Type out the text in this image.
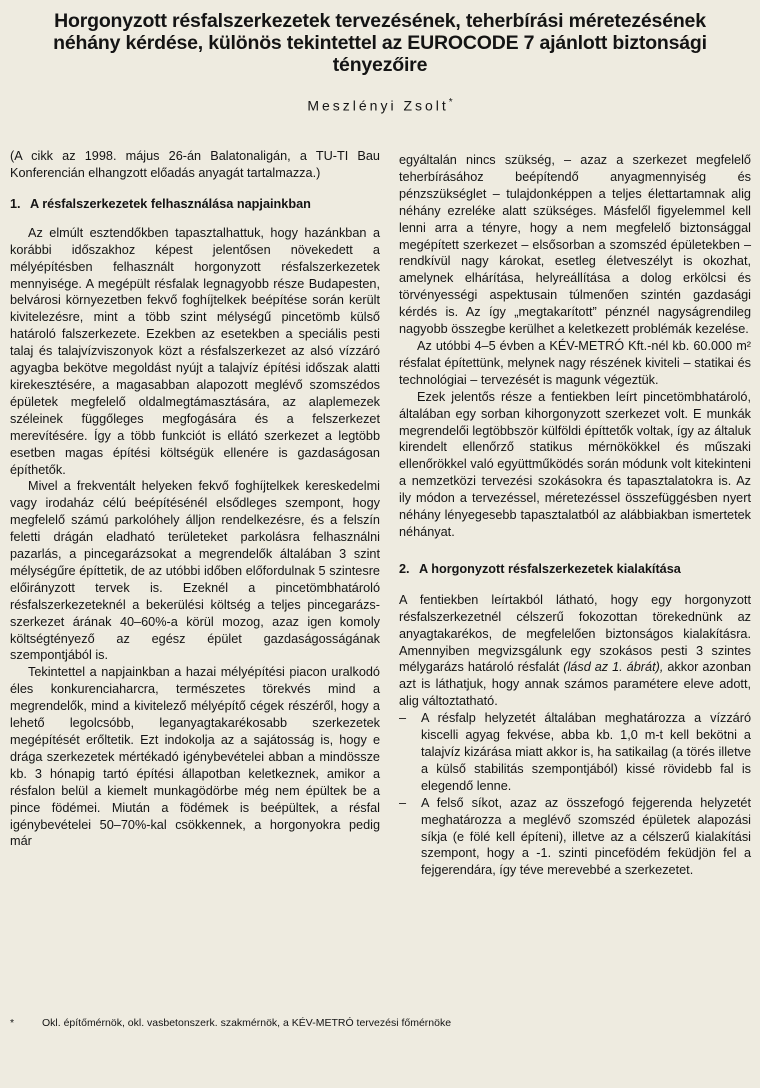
Horgonyzott résfalszerkezetek tervezésének, teherbírási méretezésének
néhány kérdése, különös tekintettel az EUROCODE 7 ajánlott biztonsági
tényezőire
Meszlényi Zsolt*

(A cikk az 1998. május 26-án Balatonaligán, a TU-TI Bau Konferencián elhangzott előadás anyagát tartalmazza.)

1. A résfalszerkezetek felhasználása napjainkban

Az elmúlt esztendőkben tapasztalhattuk, hogy hazánkban a korábbi időszakhoz képest jelentősen növekedett a mélyépítésben felhasznált horgonyzott résfalszerkezetek mennyisége. A megépült résfalak legnagyobb része Budapesten, belvárosi környezetben fekvő foghíjtelkek beépítése során került kivitelezésre, mint a több szint mélységű pincetömb külső határoló falszerkezete. Ezekben az esetekben a speciális pesti talaj és talajvízviszonyok közt a résfalszerkezet az alsó vízzáró agyagba bekötve megoldást nyújt a talajvíz építési időszak alatti kirekesztésére, a magasabban alapozott meglévő szomszédos épületek megfelelő oldalmegtámasztására, az alaplemezek széleinek függőleges megfogására és a felszerkezet merevítésére. Így a több funkciót is ellátó szerkezet a legtöbb esetben magas építési költségük ellenére is gazdaságosan építhetők.

Mivel a frekventált helyeken fekvő foghíjtelkek kereskedelmi vagy irodaház célú beépítésénél elsődleges szempont, hogy megfelelő számú parkolóhely álljon rendelkezésre, és a felszín feletti drágán eladható területeket parkolásra felhasználni pazarlás, a pincegarázsokat a megrendelők általában 3 szint mélységűre építtetik, de az utóbbi időben előfordulnak 5 szintesre előirányzott tervek is. Ezeknél a pincetömbhatároló résfalszerkezeteknél a bekerülési költség a teljes pincegarázs-szerkezet árának 40–60%-a körül mozog, azaz igen komoly költségtényező az egész épület gazdaságosságának szempontjából is.

Tekintettel a napjainkban a hazai mélyépítési piacon uralkodó éles konkurenciaharcra, természetes törekvés mind a megrendelők, mind a kivitelező mélyépítő cégek részéről, hogy a lehető legolcsóbb, leganyagtakarékosabb szerkezetek megépítését erőltetik. Ezt indokolja az a sajátosság is, hogy e drága szerkezetek mértékadó igénybevételei abban a mindössze kb. 3 hónapig tartó építési állapotban keletkeznek, amikor a résfalon belül a kiemelt munkagödörbe még nem épültek be a pince födémei. Miután a födémek is beépültek, a résfal igénybevételei 50–70%-kal csökkennek, a horgonyokra pedig már

egyáltalán nincs szükség, – azaz a szerkezet megfelelő teherbírásához beépítendő anyagmennyiség és pénzszükséglet – tulajdonképpen a teljes élettartamnak alig néhány ezreléke alatt szükséges. Másfelől figyelemmel kell lenni arra a tényre, hogy a nem megfelelő biztonsággal megépített szerkezet – elsősorban a szomszéd épületekben – rendkívül nagy károkat, esetleg életveszélyt is okozhat, amelynek elhárítása, helyreállítása a dolog erkölcsi és törvényességi aspektusain túlmenően szintén gazdasági kérdés is. Az így „megtakarított” pénznél nagyságrendileg nagyobb összegbe kerülhet a keletkezett problémák kezelése.

Az utóbbi 4–5 évben a KÉV-METRÓ Kft.-nél kb. 60.000 m² résfalat építettünk, melynek nagy részének kiviteli – statikai és technológiai – tervezését is magunk végeztük.

Ezek jelentős része a fentiekben leírt pincetömbhatároló, általában egy sorban kihorgonyzott szerkezet volt. E munkák megrendelői legtöbbször külföldi építtetők voltak, így az általuk kirendelt ellenőrző statikus mérnökökkel és műszaki ellenőrökkel való együttműködés során módunk volt kitekinteni a nemzetközi tervezési szokásokra és tapasztalatokra is. Az ily módon a tervezéssel, méretezéssel összefüggésben nyert néhány lényegesebb tapasztalatból az alábbiakban ismertetek néhányat.

2. A horgonyzott résfalszerkezetek kialakítása

A fentiekben leírtakból látható, hogy egy horgonyzott résfalszerkezetnél célszerű fokozottan törekednünk az anyagtakarékos, de megfelelően biztonságos kialakításra. Amennyiben megvizsgálunk egy szokásos pesti 3 szintes mélygarázs határoló résfalát (lásd az 1. ábrát), akkor azonban azt is láthatjuk, hogy annak számos paramétere eleve adott, alig változtatható.

–	A résfalp helyzetét általában meghatározza a vízzáró kiscelli agyag fekvése, abba kb. 1,0 m-t kell bekötni a talajvíz kizárása miatt akkor is, ha satikailag (a törés illetve a külső stabilitás szempontjából) kissé rövidebb fal is elegendő lenne.
–	A felső síkot, azaz az összefogó fejgerenda helyzetét meghatározza a meglévő szomszéd épületek alapozási síkja (e fölé kell építeni), illetve az a célszerű kialakítási szempont, hogy a -1. szinti pincefödém feküdjön fel a fejgerendára, így téve merevebbé a szerkezetet.
*	Okl. építőmérnök, okl. vasbetonszerk. szakmérnök, a KÉV-METRÓ tervezési főmérnöke
